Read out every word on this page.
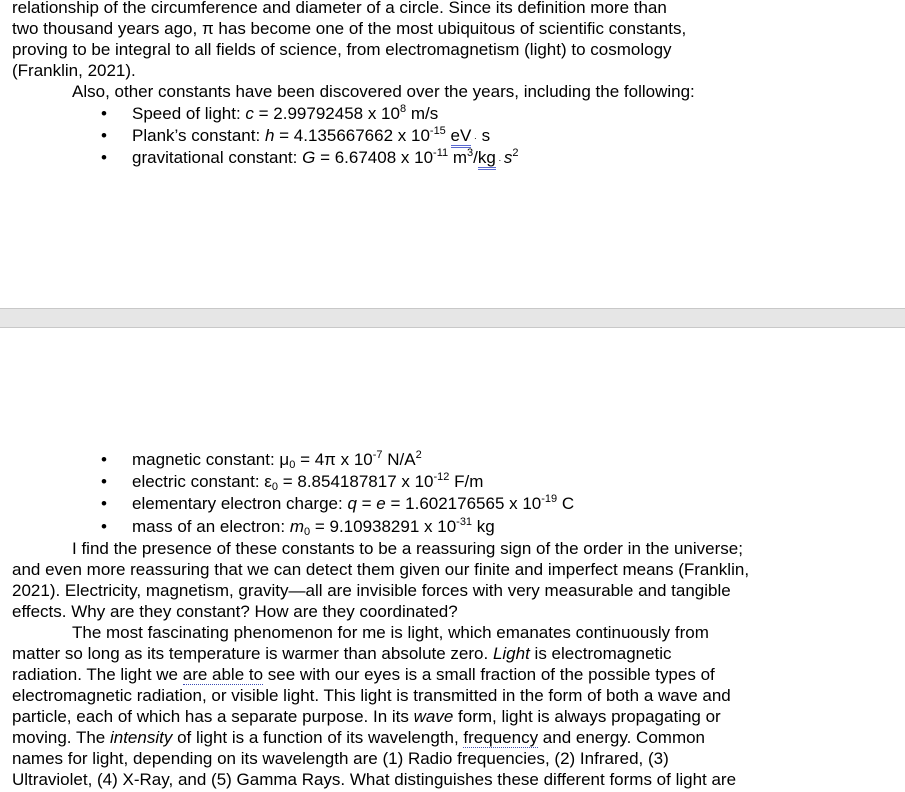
relationship of the circumference and diameter of a circle. Since its definition more than
two thousand years ago, π has become one of the most ubiquitous of scientific constants,
proving to be integral to all fields of science, from electromagnetism (light) to cosmology
(Franklin, 2021).
Also, other constants have been discovered over the years, including the following:
• Speed of light: c = 2.99792458 x $10^8$ m/s
• Plank’s constant: h = 4.135667662 x $10^{-15}$ eV · s
• gravitational constant: G = 6.67408 x $10^{-11}$ $m^3/kg \cdot s^2$
• magnetic constant: $\mu_0 = 4\pi$ x $10^{-7}$ $N/A^2$
• electric constant: $\varepsilon_0 = 8.854187817$ x $10^{-12}$ F/m
• elementary electron charge: q = e = 1.602176565 x $10^{-19}$ C
• mass of an electron: $m_0 = 9.10938291$ x $10^{-31}$ kg
I find the presence of these constants to be a reassuring sign of the order in the universe;
and even more reassuring that we can detect them given our finite and imperfect means (Franklin,
2021). Electricity, magnetism, gravity—all are invisible forces with very measurable and tangible
effects. Why are they constant? How are they coordinated?
The most fascinating phenomenon for me is light, which emanates continuously from
matter so long as its temperature is warmer than absolute zero. Light is electromagnetic
radiation. The light we are able to see with our eyes is a small fraction of the possible types of
electromagnetic radiation, or visible light. This light is transmitted in the form of both a wave and
particle, each of which has a separate purpose. In its wave form, light is always propagating or
moving. The intensity of light is a function of its wavelength, frequency and energy. Common
names for light, depending on its wavelength are (1) Radio frequencies, (2) Infrared, (3)
Ultraviolet, (4) X-Ray, and (5) Gamma Rays. What distinguishes these different forms of light are
